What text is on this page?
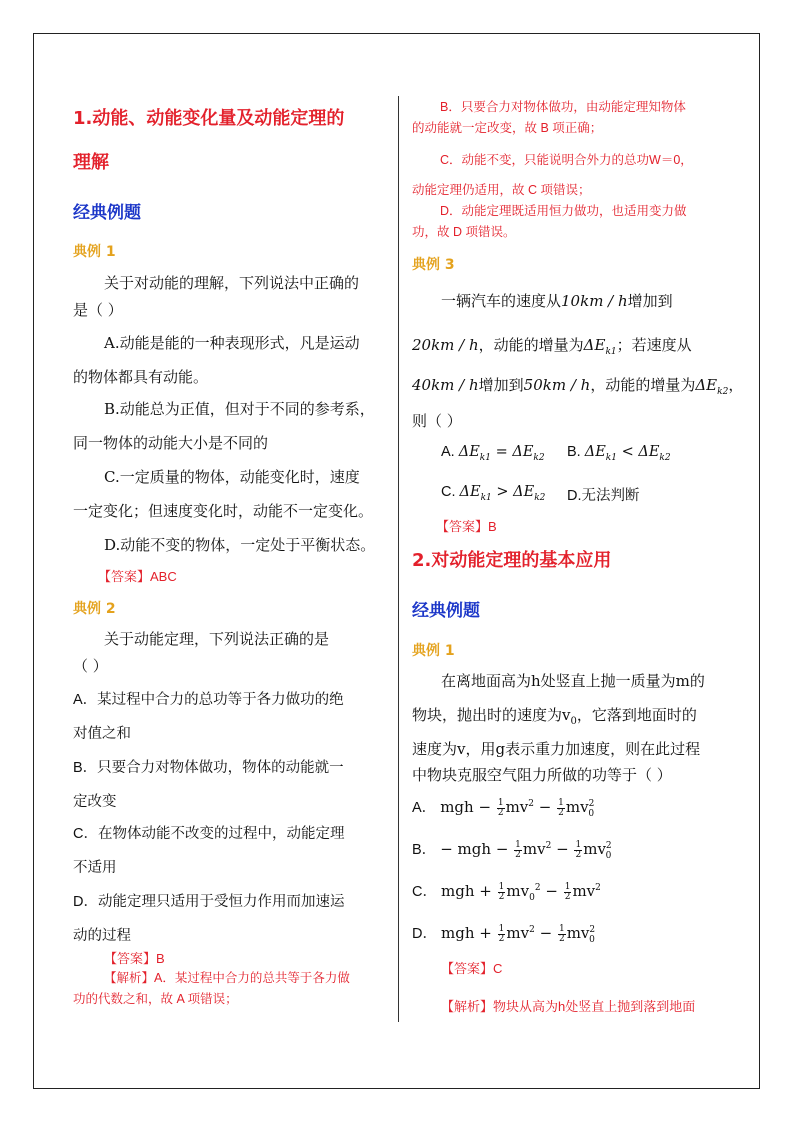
1.动能、动能变化量及动能定理的
理解
经典例题
典例 1
关于对动能的理解，下列说法中正确的
是（ ）
A.动能是能的一种表现形式，凡是运动
的物体都具有动能。
B.动能总为正值，但对于不同的参考系，
同一物体的动能大小是不同的
C.一定质量的物体，动能变化时，速度
一定变化；但速度变化时，动能不一定变化。
D.动能不变的物体，一定处于平衡状态。
【答案】ABC
典例 2
关于动能定理，下列说法正确的是
（ ）
A．某过程中合力的总功等于各力做功的绝
对值之和
B．只要合力对物体做功，物体的动能就一
定改变
C．在物体动能不改变的过程中，动能定理
不适用
D．动能定理只适用于受恒力作用而加速运
动的过程
【答案】B
【解析】A．某过程中合力的总共等于各力做
功的代数之和，故 A 项错误；
B．只要合力对物体做功，由动能定理知物体
的动能就一定改变，故 B 项正确；
C．动能不变，只能说明合外力的总功W＝0，
动能定理仍适用，故 C 项错误；
D．动能定理既适用恒力做功，也适用变力做
功，故 D 项错误。
典例 3
一辆汽车的速度从10km / h增加到
20km / h，动能的增量为$\Delta E_{k1}$；若速度从
40km / h增加到50km / h，动能的增量为$\Delta E_{k2}$，
则（ ）
A. $\Delta E_{k1} = \Delta E_{k2}$ B. $\Delta E_{k1} < \Delta E_{k2}$
C. $\Delta E_{k1} > \Delta E_{k2}$ D.无法判断
【答案】B
2.对动能定理的基本应用
经典例题
典例 1
在离地面高为h处竖直上抛一质量为m的
物块，抛出时的速度为$v_0$，它落到地面时的
速度为v，用g表示重力加速度，则在此过程
中物块克服空气阻力所做的功等于（ ）
A． mgh − $\frac{1}{2} mv^2 - \frac{1}{2} mv^2_0$
B． − mgh − $\frac{1}{2} mv^2 - \frac{1}{2} mv^2_0$
C． mgh + $\frac{1}{2} mv_0^2 - \frac{1}{2} mv^2$
D． mgh + $\frac{1}{2} mv^2 - \frac{1}{2} mv^2_0$
【答案】C
【解析】物块从高为h处竖直上抛到落到地面
